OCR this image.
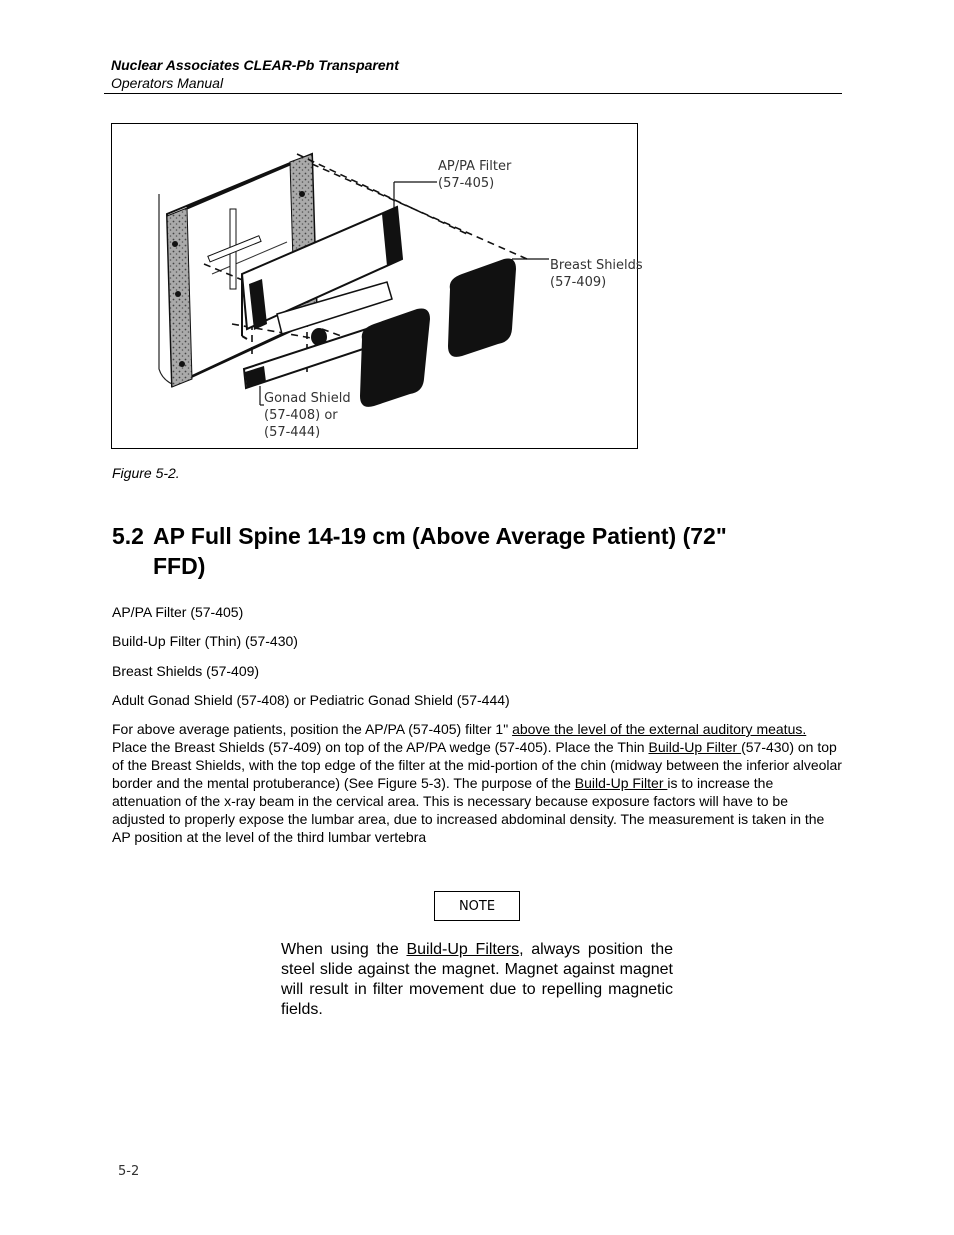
Nuclear Associates CLEAR-Pb Transparent
Operators Manual
AP/PA Filter
(57-405)
Breast Shields
(57-409)
Gonad Shield
(57-408) or
(57-444)
Figure 5-2.
5.2 AP Full Spine 14-19 cm (Above Average Patient) (72"
FFD)
AP/PA Filter (57-405)
Build-Up Filter (Thin) (57-430)
Breast Shields (57-409)
Adult Gonad Shield (57-408) or Pediatric Gonad Shield (57-444)
For above average patients, position the AP/PA (57-405) filter 1" above the level of the external auditory meatus. Place the Breast Shields (57-409) on top of the AP/PA wedge (57-405). Place the Thin Build-Up Filter (57-430) on top of the Breast Shields, with the top edge of the filter at the mid-portion of the chin (midway between the inferior alveolar border and the mental protuberance) (See Figure 5-3). The purpose of the Build-Up Filter is to increase the attenuation of the x-ray beam in the cervical area. This is necessary because exposure factors will have to be adjusted to properly expose the lumbar area, due to increased abdominal density. The measurement is taken in the AP position at the level of the third lumbar vertebra
NOTE
When using the Build-Up Filters, always position the steel slide against the magnet. Magnet against magnet will result in filter movement due to repelling magnetic fields.
5-2
